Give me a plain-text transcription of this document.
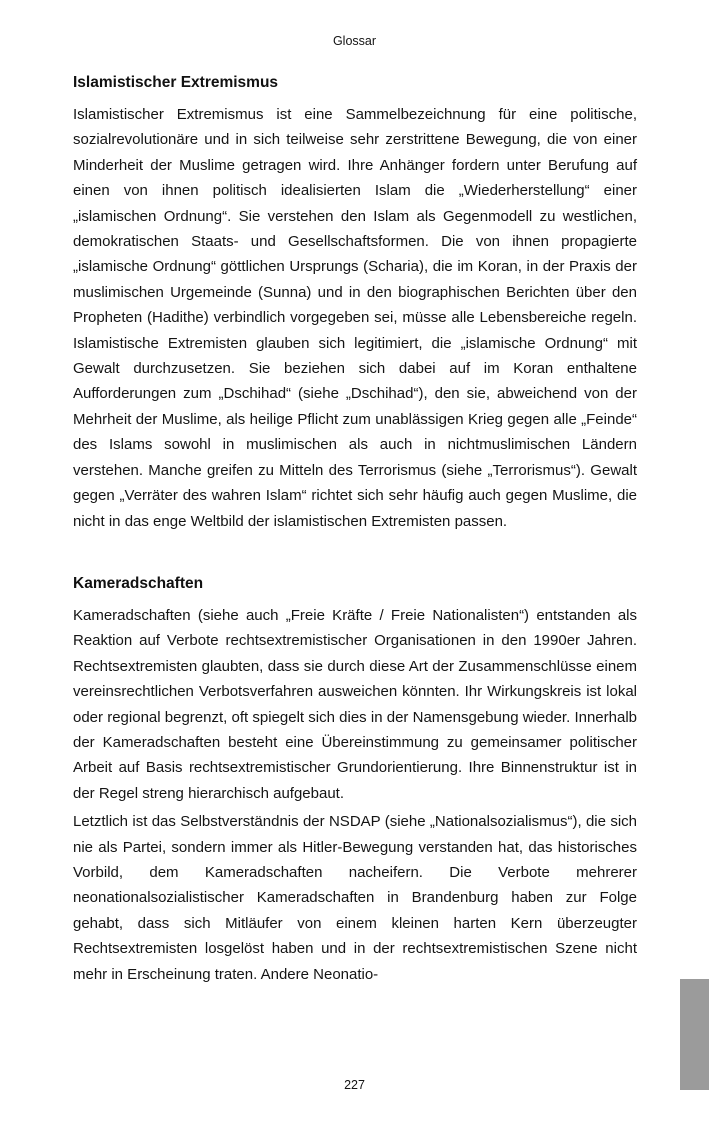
Glossar
Islamistischer Extremismus

Islamistischer Extremismus ist eine Sammelbezeichnung für eine politische, sozialrevolutionäre und in sich teilweise sehr zerstrittene Bewegung, die von einer Minderheit der Muslime getragen wird. Ihre Anhänger fordern unter Berufung auf einen von ihnen politisch idealisierten Islam die „Wiederherstellung“ einer „islamischen Ordnung“. Sie verstehen den Islam als Gegenmodell zu westlichen, demokratischen Staats- und Gesellschaftsformen. Die von ihnen propagierte „islamische Ordnung“ göttlichen Ursprungs (Scharia), die im Koran, in der Praxis der muslimischen Urgemeinde (Sunna) und in den biographischen Berichten über den Propheten (Hadithe) verbindlich vorgegeben sei, müsse alle Lebensbereiche regeln. Islamistische Extremisten glauben sich legitimiert, die „islamische Ordnung“ mit Gewalt durchzusetzen. Sie beziehen sich dabei auf im Koran enthaltene Aufforderungen zum „Dschihad“ (siehe „Dschihad“), den sie, abweichend von der Mehrheit der Muslime, als heilige Pflicht zum unablässigen Krieg gegen alle „Feinde“ des Islams sowohl in muslimischen als auch in nichtmuslimischen Ländern verstehen. Manche greifen zu Mitteln des Terrorismus (siehe „Terrorismus“). Gewalt gegen „Verräter des wahren Islam“ richtet sich sehr häufig auch gegen Muslime, die nicht in das enge Weltbild der islamistischen Extremisten passen.

Kameradschaften

Kameradschaften (siehe auch „Freie Kräfte / Freie Nationalisten“) entstanden als Reaktion auf Verbote rechtsextremistischer Organisationen in den 1990er Jahren. Rechtsextremisten glaubten, dass sie durch diese Art der Zusammenschlüsse einem vereinsrechtlichen Verbotsverfahren ausweichen könnten. Ihr Wirkungskreis ist lokal oder regional begrenzt, oft spiegelt sich dies in der Namensgebung wieder. Innerhalb der Kameradschaften besteht eine Übereinstimmung zu gemeinsamer politischer Arbeit auf Basis rechtsextremistischer Grundorientierung. Ihre Binnenstruktur ist in der Regel streng hierarchisch aufgebaut.

Letztlich ist das Selbstverständnis der NSDAP (siehe „Nationalsozialismus“), die sich nie als Partei, sondern immer als Hitler-Bewegung verstanden hat, das historisches Vorbild, dem Kameradschaften nacheifern. Die Verbote mehrerer neonationalsozialistischer Kameradschaften in Brandenburg haben zur Folge gehabt, dass sich Mitläufer von einem kleinen harten Kern überzeugter Rechtsextremisten losgelöst haben und in der rechtsextremistischen Szene nicht mehr in Erscheinung traten. Andere Neonatio-

227
